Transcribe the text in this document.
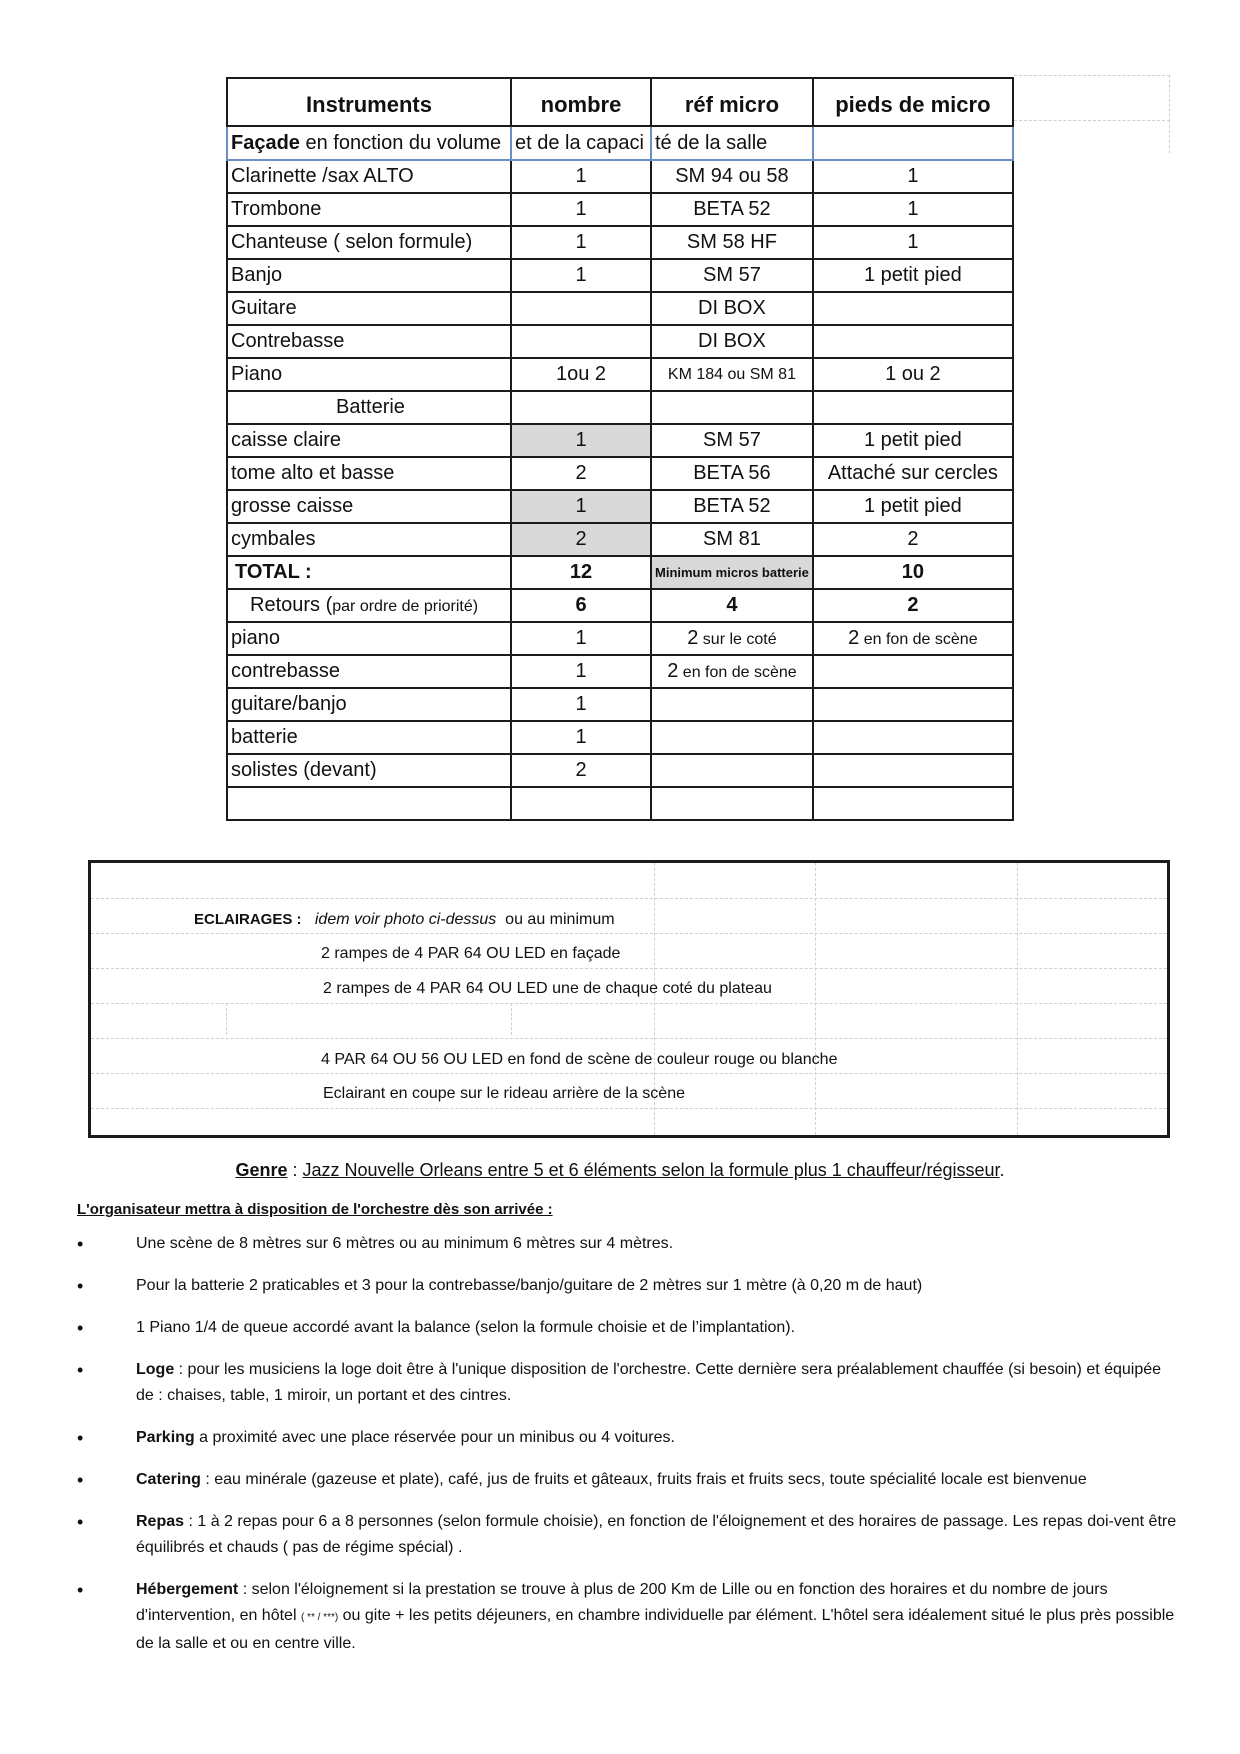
Instruments	nombre	réf micro	pieds de micro
Façade en fonction du volume	et de la capaci	té de la salle	
Clarinette /sax ALTO	1	SM 94 ou 58	1
Trombone	1	BETA 52	1
Chanteuse ( selon formule)	1	SM 58 HF	1
Banjo	1	SM 57	1 petit pied
Guitare		DI BOX	
Contrebasse		DI BOX	
Piano	1ou 2	KM 184 ou SM 81	1 ou 2
Batterie			
caisse claire	1	SM 57	1 petit pied
tome alto et basse	2	BETA 56	Attaché sur cercles
grosse caisse	1	BETA 52	1 petit pied
cymbales	2	SM 81	2
TOTAL :	12	Minimum micros batterie	10
Retours (par ordre de priorité)	6	4	2
piano	1	2 sur le coté	2 en fon de scène
contrebasse	1	2 en fon de scène	
guitare/banjo	1		
batterie	1		
solistes (devant)	2		

ECLAIRAGES : idem voir photo ci-dessus ou au minimum
2 rampes de 4 PAR 64 OU LED en façade
2 rampes de 4 PAR 64 OU LED une de chaque coté du plateau
4 PAR 64 OU 56 OU LED en fond de scène de couleur rouge ou blanche
Eclairant en coupe sur le rideau arrière de la scène
Genre : Jazz Nouvelle Orleans entre 5 et 6 éléments selon la formule plus 1 chauffeur/régisseur.
L'organisateur mettra à disposition de l'orchestre dès son arrivée :
•	Une scène de 8 mètres sur 6 mètres ou au minimum 6 mètres sur 4 mètres.
•	Pour la batterie 2 praticables et 3 pour la contrebasse/banjo/guitare de 2 mètres sur 1 mètre (à 0,20 m de haut)
•	1 Piano 1/4 de queue accordé avant la balance (selon la formule choisie et de l’implantation).
•	Loge : pour les musiciens la loge doit être à l'unique disposition de l'orchestre. Cette dernière sera préalablement chauffée (si besoin) et équipée de : chaises, table, 1 miroir, un portant et des cintres.
•	Parking a proximité avec une place réservée pour un minibus ou 4 voitures.
•	Catering : eau minérale (gazeuse et plate), café, jus de fruits et gâteaux, fruits frais et fruits secs, toute spécialité locale est bienvenue
•	Repas : 1 à 2 repas pour 6 a 8 personnes (selon formule choisie), en fonction de l'éloignement et des horaires de passage. Les repas doi-vent être équilibrés et chauds ( pas de régime spécial) .
•	Hébergement : selon l'éloignement si la prestation se trouve à plus de 200 Km de Lille ou en fonction des horaires et du nombre de jours d'intervention, en hôtel ( ** / ***) ou gite + les petits déjeuners, en chambre individuelle par élément. L'hôtel sera idéalement situé le plus près possible de la salle et ou en centre ville.
